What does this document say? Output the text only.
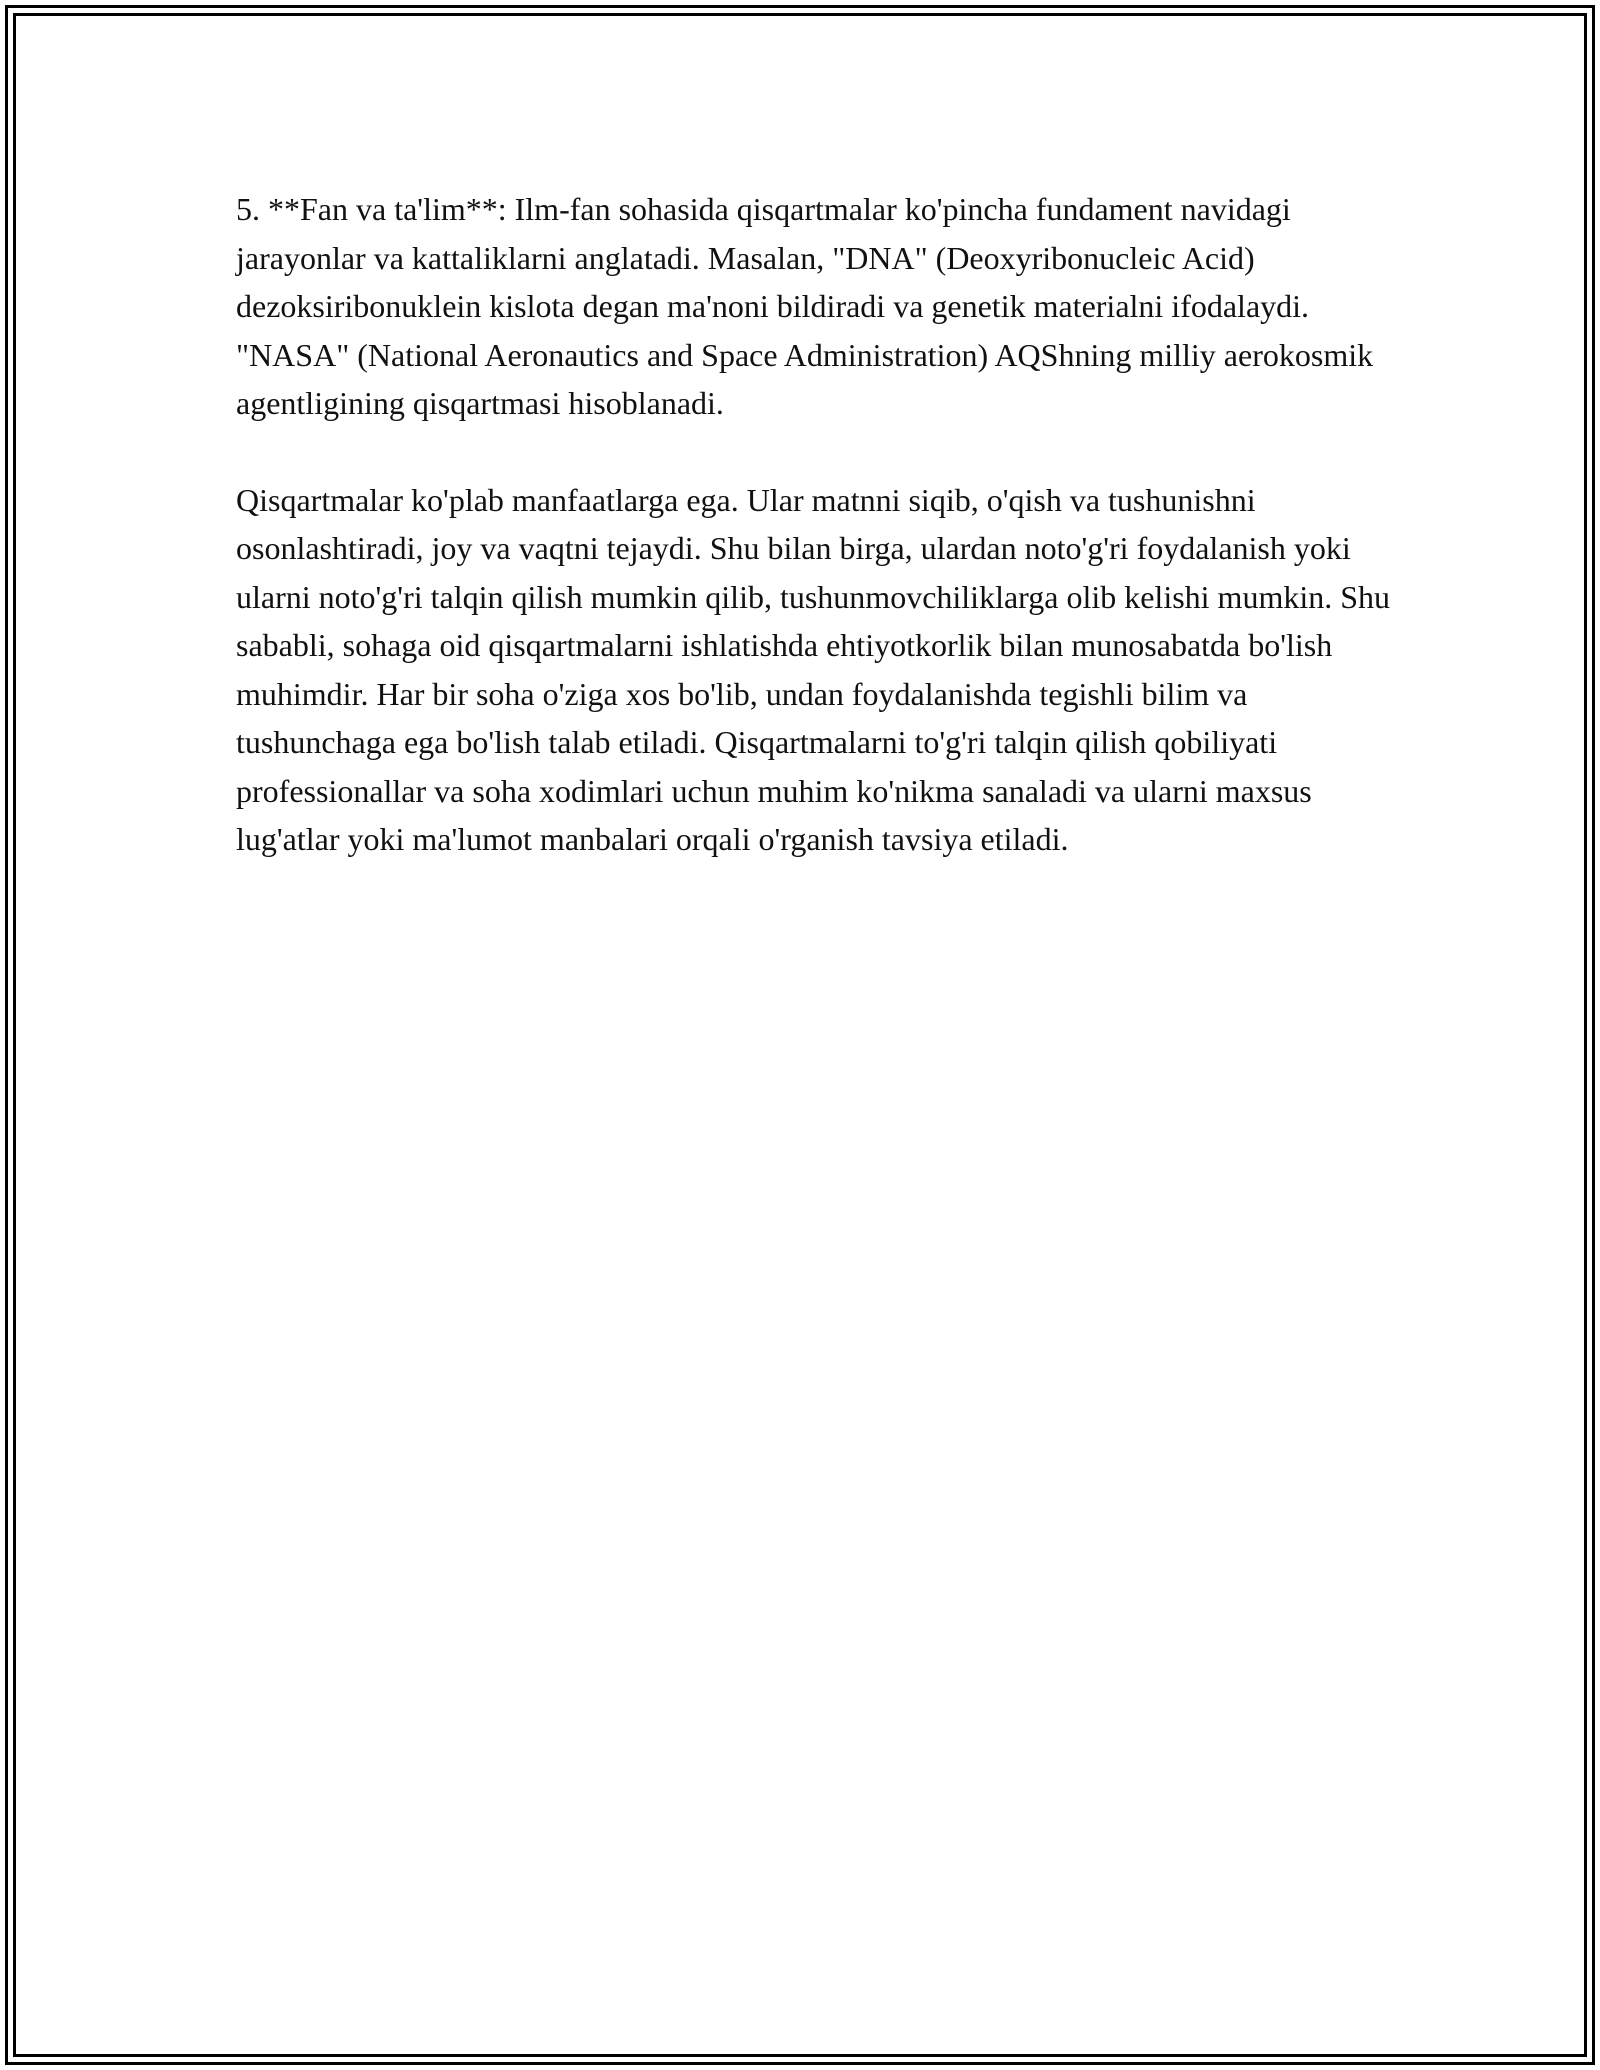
5. **Fan va ta'lim**: Ilm-fan sohasida qisqartmalar ko'pincha fundament navidagi jarayonlar va kattaliklarni anglatadi. Masalan, "DNA" (Deoxyribonucleic Acid) dezoksiribonuklein kislota degan ma'noni bildiradi va genetik materialni ifodalaydi. "NASA" (National Aeronautics and Space Administration) AQShning milliy aerokosmik agentligining qisqartmasi hisoblanadi.

Qisqartmalar ko'plab manfaatlarga ega. Ular matnni siqib, o'qish va tushunishni osonlashtiradi, joy va vaqtni tejaydi. Shu bilan birga, ulardan noto'g'ri foydalanish yoki ularni noto'g'ri talqin qilish mumkin qilib, tushunmovchiliklarga olib kelishi mumkin. Shu sababli, sohaga oid qisqartmalarni ishlatishda ehtiyotkorlik bilan munosabatda bo'lish muhimdir. Har bir soha o'ziga xos bo'lib, undan foydalanishda tegishli bilim va tushunchaga ega bo'lish talab etiladi. Qisqartmalarni to'g'ri talqin qilish qobiliyati professionallar va soha xodimlari uchun muhim ko'nikma sanaladi va ularni maxsus lug'atlar yoki ma'lumot manbalari orqali o'rganish tavsiya etiladi.
